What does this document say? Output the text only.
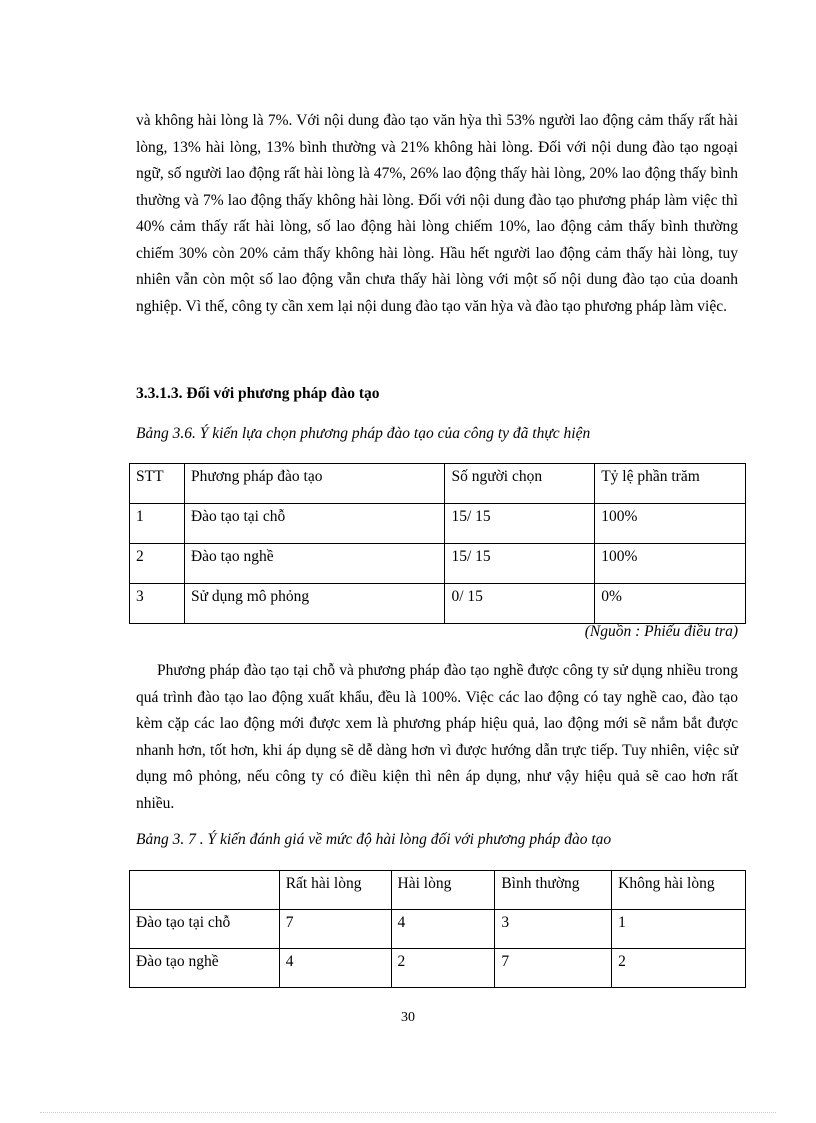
và không hài lòng là 7%. Với nội dung đào tạo văn hỳa thì 53% người lao động cảm thấy rất hài lòng, 13% hài lòng, 13% bình thường và 21% không hài lòng. Đối với nội dung đào tạo ngoại ngữ, số người lao động rất hài lòng là 47%, 26% lao động thấy hài lòng, 20% lao động thấy bình thường và 7% lao động thấy không hài lòng. Đối với nội dung đào tạo phương pháp làm việc thì 40% cảm thấy rất hài lòng, số lao động hài lòng chiếm 10%, lao động cảm thấy bình thường chiếm 30% còn 20% cảm thấy không hài lòng. Hầu hết người lao động cảm thấy hài lòng, tuy nhiên vẫn còn một số lao động vẫn chưa thấy hài lòng với một số nội dung đào tạo của doanh nghiệp. Vì thế, công ty cần xem lại nội dung đào tạo văn hỳa và đào tạo phương pháp làm việc.

3.3.1.3. Đối với phương pháp đào tạo

Bảng 3.6. Ý kiến lựa chọn phương pháp đào tạo của công ty đã thực hiện

STT	Phương pháp đào tạo	Số người chọn	Tỷ lệ phần trăm
1	Đào tạo tại chỗ	15/ 15	100%
2	Đào tạo nghề	15/ 15	100%
3	Sử dụng mô phỏng	0/ 15	0%
(Nguồn : Phiếu điều tra)

Phương pháp đào tạo tại chỗ và phương pháp đào tạo nghề được công ty sử dụng nhiều trong quá trình đào tạo lao động xuất khẩu, đều là 100%. Việc các lao động có tay nghề cao, đào tạo kèm cặp các lao động mới được xem là phương pháp hiệu quả, lao động mới sẽ nắm bắt được nhanh hơn, tốt hơn, khi áp dụng sẽ dễ dàng hơn vì được hướng dẫn trực tiếp. Tuy nhiên, việc sử dụng mô phỏng, nếu công ty có điều kiện thì nên áp dụng, như vậy hiệu quả sẽ cao hơn rất nhiều.

Bảng 3. 7 . Ý kiến đánh giá về mức độ hài lòng đối với phương pháp đào tạo

	Rất hài lòng	Hài lòng	Bình thường	Không hài lòng
Đào tạo tại chỗ	7	4	3	1
Đào tạo nghề	4	2	7	2
30
